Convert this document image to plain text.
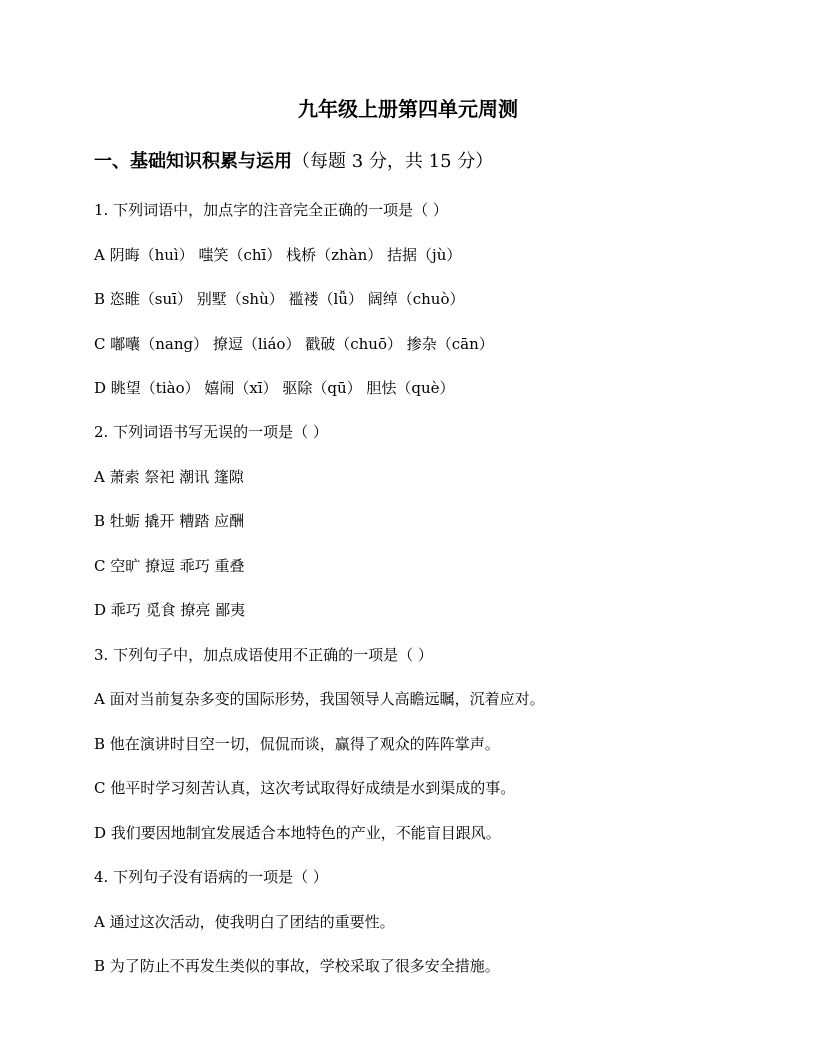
九年级上册第四单元周测
一、基础知识积累与运用（每题 3 分，共 15 分）
1. 下列词语中，加点字的注音完全正确的一项是（ ）
A 阴晦（huì） 嗤笑（chī） 栈桥（zhàn） 拮据（jù）
B 恣睢（suī） 别墅（shù） 褴褛（lǚ） 阔绰（chuò）
C 嘟囔（nang） 撩逗（liáo） 戳破（chuō） 掺杂（cān）
D 眺望（tiào） 嬉闹（xī） 驱除（qū） 胆怯（què）
2. 下列词语书写无误的一项是（ ）
A 萧索 祭祀 潮讯 篷隙
B 牡蛎 撬开 糟踏 应酬
C 空旷 撩逗 乖巧 重叠
D 乖巧 觅食 撩亮 鄙夷
3. 下列句子中，加点成语使用不正确的一项是（ ）
A 面对当前复杂多变的国际形势，我国领导人高瞻远瞩，沉着应对。
B 他在演讲时目空一切，侃侃而谈，赢得了观众的阵阵掌声。
C 他平时学习刻苦认真，这次考试取得好成绩是水到渠成的事。
D 我们要因地制宜发展适合本地特色的产业，不能盲目跟风。
4. 下列句子没有语病的一项是（ ）
A 通过这次活动，使我明白了团结的重要性。
B 为了防止不再发生类似的事故，学校采取了很多安全措施。
